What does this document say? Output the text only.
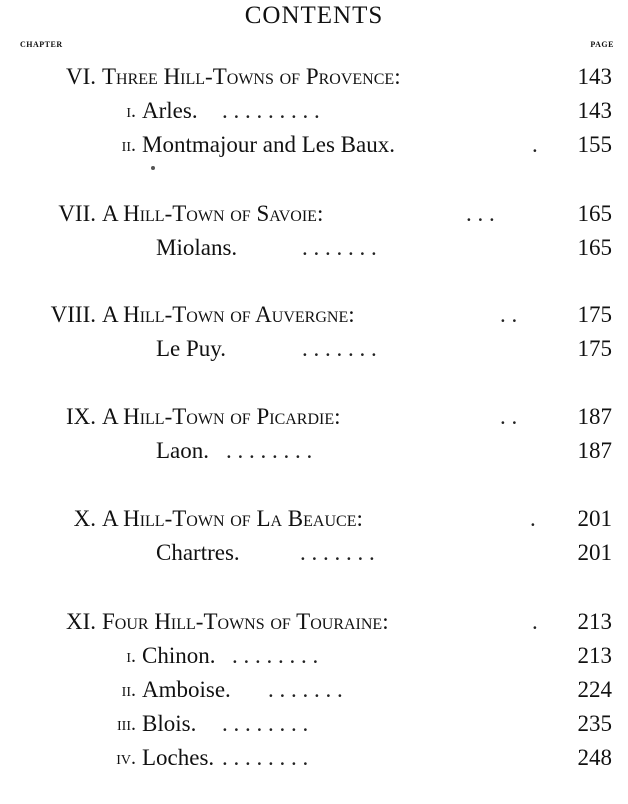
CONTENTS
CHAPTER	PAGE
VI. Three Hill-Towns of Provence:	143
i. Arles. . . . . . . . . .	143
ii. Montmajour and Les Baux.	.	155
VII. A Hill-Town of Savoie:	. . .	165
Miolans.	. . . . . . .	165
VIII. A Hill-Town of Auvergne:	. .	175
Le Puy.	. . . . . . .	175
IX. A Hill-Town of Picardie:	. .	187
Laon. . . . . . . . .	187
X. A Hill-Town of La Beauce:	.	201
Chartres.	. . . . . . .	201
XI. Four Hill-Towns of Touraine:	.	213
i. Chinon. . . . . . . . .	213
ii. Amboise. . . . . . . .	224
iii. Blois. . . . . . . . .	235
iv. Loches. . . . . . . . .	248
